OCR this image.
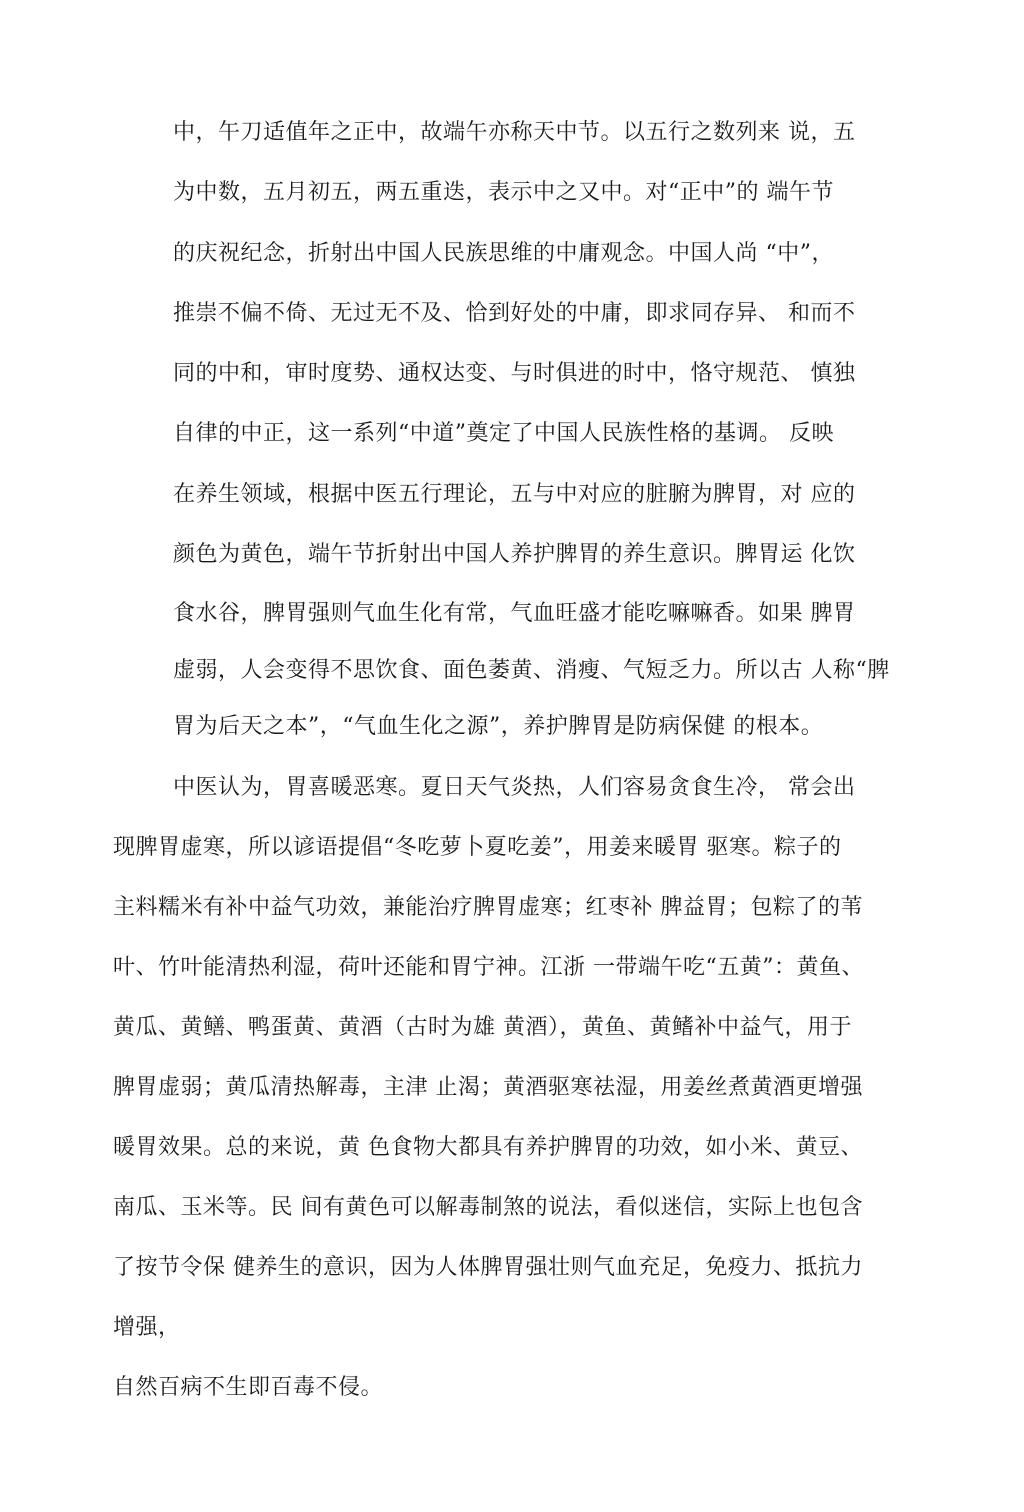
中，午刀适值年之正中，故端午亦称天中节。以五行之数列来 说，五
为中数，五月初五，两五重迭，表示中之又中。对“正中”的 端午节
的庆祝纪念，折射出中国人民族思维的中庸观念。中国人尚 “中”，
推崇不偏不倚、无过无不及、恰到好处的中庸，即求同存异、 和而不
同的中和，审时度势、通权达变、与时俱进的时中，恪守规范、 慎独
自律的中正，这一系列“中道”奠定了中国人民族性格的基调。 反映
在养生领域，根据中医五行理论，五与中对应的脏腑为脾胃，对 应的
颜色为黄色，端午节折射出中国人养护脾胃的养生意识。脾胃运 化饮
食水谷，脾胃强则气血生化有常，气血旺盛才能吃嘛嘛香。如果 脾胃
虚弱，人会变得不思饮食、面色萎黄、消瘦、气短乏力。所以古 人称“脾
胃为后天之本”，“气血生化之源”，养护脾胃是防病保健 的根本。
中医认为，胃喜暖恶寒。夏日天气炎热，人们容易贪食生冷， 常会出
现脾胃虚寒，所以谚语提倡“冬吃萝卜夏吃姜”，用姜来暖胃 驱寒。粽子的
主料糯米有补中益气功效，兼能治疗脾胃虚寒；红枣补 脾益胃；包粽了的苇
叶、竹叶能清热利湿，荷叶还能和胃宁神。江浙 一带端午吃“五黄”：黄鱼、
黄瓜、黄鳝、鸭蛋黄、黄酒（古时为雄 黄酒），黄鱼、黄鳍补中益气，用于
脾胃虚弱；黄瓜清热解毒，主津 止渴；黄酒驱寒祛湿，用姜丝煮黄酒更增强
暖胃效果。总的来说，黄 色食物大都具有养护脾胃的功效，如小米、黄豆、
南瓜、玉米等。民 间有黄色可以解毒制煞的说法，看似迷信，实际上也包含
了按节令保 健养生的意识，因为人体脾胃强壮则气血充足，免疫力、抵抗力
增强，
自然百病不生即百毒不侵。
